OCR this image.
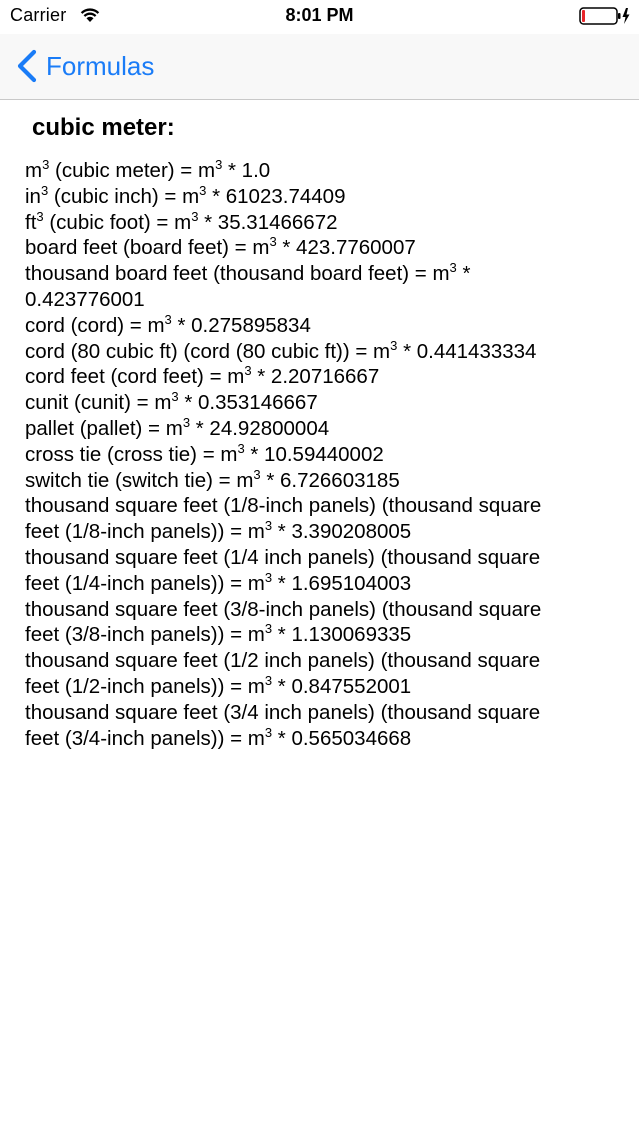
Carrier	8:01 PM
Formulas
cubic meter:
$m^3$ (cubic meter) = $m^3 * 1.0$
$in^3$ (cubic inch) = $m^3 * 61023.74409$
$ft^3$ (cubic foot) = $m^3 * 35.31466672$
board feet (board feet) = $m^3 * 423.7760007$
thousand board feet (thousand board feet) = $m^3$ *
0.423776001
cord (cord) = $m^3 * 0.275895834$
cord (80 cubic ft) (cord (80 cubic $ft)) = m^3 * 0.441433334$
cord feet (cord feet) = $m^3 * 2.20716667$
cunit (cunit) = $m^3 * 0.353146667$
pallet (pallet) = $m^3 * 24.92800004$
cross tie (cross $tie) = m^3 * 10.59440002$
switch tie (switch $tie) = m^3 * 6.726603185$
thousand square feet (1/8-inch panels) (thousand square
feet (1/8-inch panels)) = $m^3 * 3.390208005$
thousand square feet (1/4 inch panels) (thousand square
feet (1/4-inch panels)) = $m^3 * 1.695104003$
thousand square feet (3/8-inch panels) (thousand square
feet (3/8-inch panels)) = $m^3 * 1.130069335$
thousand square feet (1/2 inch panels) (thousand square
feet (1/2-inch panels)) = $m^3 * 0.847552001$
thousand square feet (3/4 inch panels) (thousand square
feet (3/4-inch panels)) = $m^3 * 0.565034668$
